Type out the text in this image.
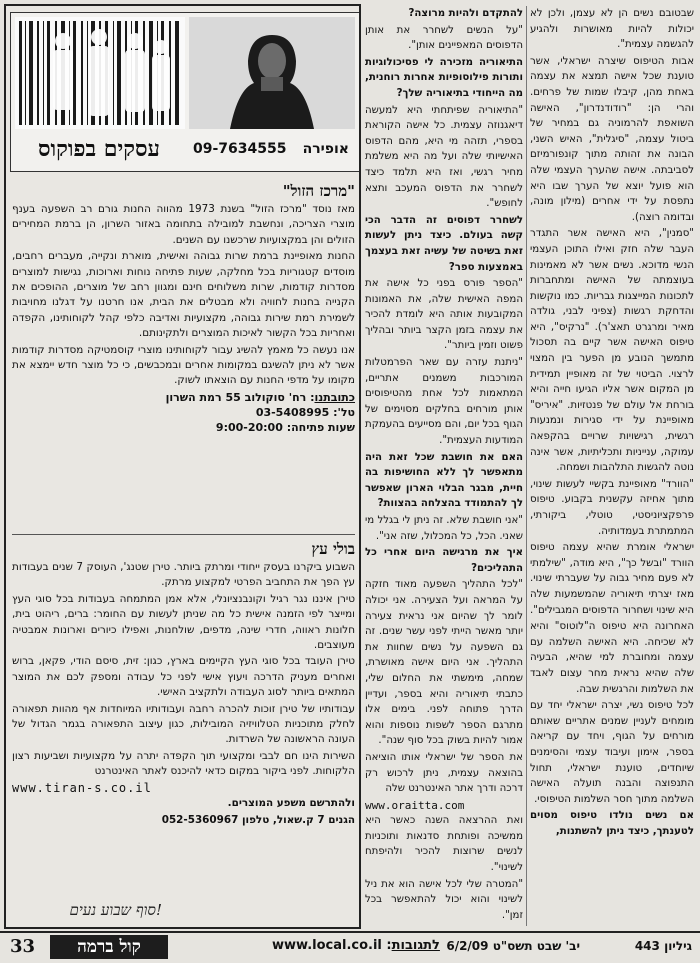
עסקים בפוקוס	אופירה
09-7634555
"מרכז הזול"

מאז נוסד "מרכז הזול" בשנת 1973 מהווה החנות גורם רב השפעה בענף מוצרי הצריכה, ונחשבת למובילה בתחומה באזור השרון, הן ברמת המחירים הזולים והן במקצועיות שרכשנו עם השנים.

החנות מאופיינת ברמת שרות גבוהה ואישית, מוארת ונקייה, מעברים רחבים, מוסדים קטגוריות בכל מחלקה, שעות פתיחה נוחות וארוכות, נגישות למוצרים מסדרות קודמות, שרות משלוחים חינם ומגוון רחב של מוצרים, ההופכים את הקנייה בחנות לחוויה ולא מבטלים את הבית, אנו חרטנו על דגלנו מחויבות לשמירת רמת שירות גבוהה, מקצועיות ואדיבה כלפי קהל לקוחותינו, הקפדה ואחריות בכל הקשור לאיכות המוצרים ולתקינותם.

אנו נעשה כל מאמץ להשיג עבור לקוחותינו מוצרי קוסמטיקה מסדרות קודמות אשר לא ניתן להשיגם במקומות אחרים ובמכבשים, כי כל מוצר חדש יימצא את מקומו על מדפי החנות עם הוצאתו לשוק.

כתובתנו: רח' סוקולוב 55 רמת השרון
טל': 03-5408995
שעות פתיחה: 9:00-20:00
בולי עץ

השבוע ביקרנו בעסק ייחודי ומרתק ביותר. טירן שטנג', העוסק 7 שנים בעבודות עץ הפך את התחביב הפרטי למקצוע מרתק.

טירן איננו נגר רגיל וקונבנציונלי, אלא אמן המתמחה בעבודות בכל סוגי העץ ומייצר לפי הזמנה אישית כל מה שניתן לעשות עם החומר: ברים, ריהוט בית, חלונות ראווה, חדרי שינה, מדפים, שולחנות, ואפילו כיורים וארונות אמבטיה מעוצבים.

טירן העובד בכל סוגי העץ הקיימים בארץ, כגון: זית, סיסם הודי, פקאן, ברוש ואחרים מעניק הדרכה ויעוץ אישי לפני כל עבודה ומספק לכם את המוצר המתאים ביותר לסוג העבודה ולתקציב האישי.

עבודותיו של טירן זוכות להכרה רחבה ועבודותיו המיוחדות אף מהוות תפאורה לחלק מתוכניות הטלוויזיה המובילות, כגון עיצוב התפאורה בגמר הגדול של העונה הראשונה של השרדות.

השירות הינו חם לבבי ומקצועי תוך הקפדה יתרה על מקצועיות ושביעות רצון הלקוחות. לפני ביקור במקום כדאי להיכנס לאתר האינטרנט

www.tiran-s.co.il

ולהתרשם משפע המוצרים.

הגנים 7 ק.שאול, טלפון 052-5360967

סוף שבוע נעים!

שבטובם נשים הן לא עצמן, ולכן לא יכולות להיות מאושרות ולהגיע להגשמה עצמית".

אבות הטיפוס שיצרה ישראלי, אשר טוענת שכל אישה תמצא את עצמה באחת מהן, קיבלו שמות של פרחים. והרי הן: "רודודנדרון", האישה השואפת להרמוניה גם במחיר של ביטול עצמה, "סיגלית", האיש השני, הבונה את זהותה מתוך קונפורמיזם לסביבתה. אישה שהערך העצמי שלה הוא פועל יוצא של הערך שבו היא נתפסת על ידי אחרים (מילון מונה, ובדומה רוצה).

"סמנין", היא האישה אשר התגדר העבר שלה חזק ואילו התוכן העצמי הנשי מדוכא. נשים אשר לא מאמינות בעוצמתה של האישה ומתחברות לתכונות המייצגות גבריות. כמו נוקשות והדחקת רגשות (צפיני לבני, גולדה מאיר ומרגרט תאצ'ר). "נרקיס", היא טיפוס האישה אשר קיים בה תסכול מתמשך הנובע מן הפער בין המצוי לרצוי. הביטוי של זה מאופיין תמידית מן המקום אשר אליו הגיעו חייה והיא בורחת אל עולם של פנטזיות. "איריס" מאופיינת על ידי סגירות ונמנעות רגשית, רגישויות שרויים בהקפאה עמוקה, ענייניות ותכליתיות, אשר אינה נוטה להגשות התלהבות ושמחה.

"הוורד" מאופיינת בקשיי לעשות שינוי, מתוך אחיזה עקשנית בקבוע. טיפוס פרפקציוניסטי, טוטלי, ביקורתי, המתמתרת בעמדותיה.

ישראלי אומרת שהיא עצמה טיפוס הוורד "ובשל כך", היא מודה, "שילמתי לא פעם מחיר גבוה על שעברתי שינוי. מאז יצרתי תיאוריה שהמשמעות שלה היא שינוי ושחרור הדפוסים המגבילים".

האחרונה היא טיפוס ה"לוטוס" והיא לא שכיחה. היא האישה השלמה עם עצמה ומחוברת למי שהיא, הבעיה שלה שהיא נראית מחר עצום לאבד את השלמות והרגשית שבה.

לכל טיפוס נשי, יצרה ישראלי יחד עם מומחים לעניין שמנים אתריים שאותם מורחים על הגוף, ויחד עם קריאה בספר, אימון ועיבוד עצמי והסימנים שיוחדים, טוענת ישראלי, תחול התנפוצה והבנה תועלה האישה השלמה מתוך חסר השלמות הטיפוסי.

אם נשים נולדו טיפוס מסוים לטענתך, כיצד ניתן להשתנות,

להתקדם ולהיות מרוצה?

"על הנשים לשחרר את אותן הדפוסים המאפיינים אותן".

התיאוריה מזכירה לי פסיכולוגיות ותורות פילוסופיות אחרות רוחנית, מה הייחודי בתיאוריה שלך?

"התיאוריה שפיתחתי היא למעשה דיאגנוזה עצמית. כל אישה הקוראת בספרי, תזהה מי היא, מהם הדפוס האישיותי שלה ועל מה היא משלמת מחיר רגשי, ואז היא תלמד כיצד לשחרר את הדפוס המעכב ותצא לחופש".

לשחרר דפוסים זה הדבר הכי קשה בעולם. כיצד ניתן לעשות זאת בשיטה של עשיה זאת בעצמך באמצעות ספר?

"הספר פורס בפני כל אישה את המפה האישית שלה, את האמונות המקובעות אותה היא לומדת להכיר את עצמה בזמן הקצר ביותר ובהליך פשוט וזמין ביותר".

"ניתנת עזרה עם שאר הפרמטלות המורכבות משמנים אתריים, המתאמות לכל אחת מהטיפוסים אותן מורחים בחלקים מסוימים של הגוף בכל יום, והם מסייעים בהעמקת המודעות העצמית".

האם את חושבת שכל זאת היה מתאפשר לך ללא החושיפות בה חיית, מבגר הבלוי הארון שאפשר לך להתמודד בהצלחה בהצוות?

"אני חושבת שלא. זה ניתן לי בגלל מי שאני. הכל, כל המכלול, שזה אני".

איך את מרגישה היום אחרי כל התהליכים?

"לכל התהליך השפעה מאוד חזקה על המראה ועל הצעירה. אני יכולה לומר לך שהיום אני נראית צעירה יותר מאשר הייתי לפני עשר שנים. זה גם השפעה על נשים שחוות את התהליך. אני היום אישה מאושרת, שמחה, מימשתי את החלום שלי, כתבתי תיאוריה והיא בספר, ועדיין הדרך פתוחה לפני. בימים אלו מתרגם הספר לשפות נוספות והוא אמור להיות בשוק בכל סוף שנה".

את הספר של ישראלי אותו הוציאה בהוצאה עצמית, ניתן לרכוש רק דרכה ודרך אתר האינטרנט שלה

www.oraitta.com

ואת ההרצאה השנה כאשר היא ממשיכה ופותחת סדנאות ותוכניות לנשים שרוצות להכיר ולהיפתח לשינוי".

"המטרה שלי לכל אישה הוא את ניל לשינוי והוא יכול להתאפשר בכל זמן".

גיליון 443
יב' שבט תשס"ט 6/2/09
לתגובות: www.local.co.il
קול ברמה
33
